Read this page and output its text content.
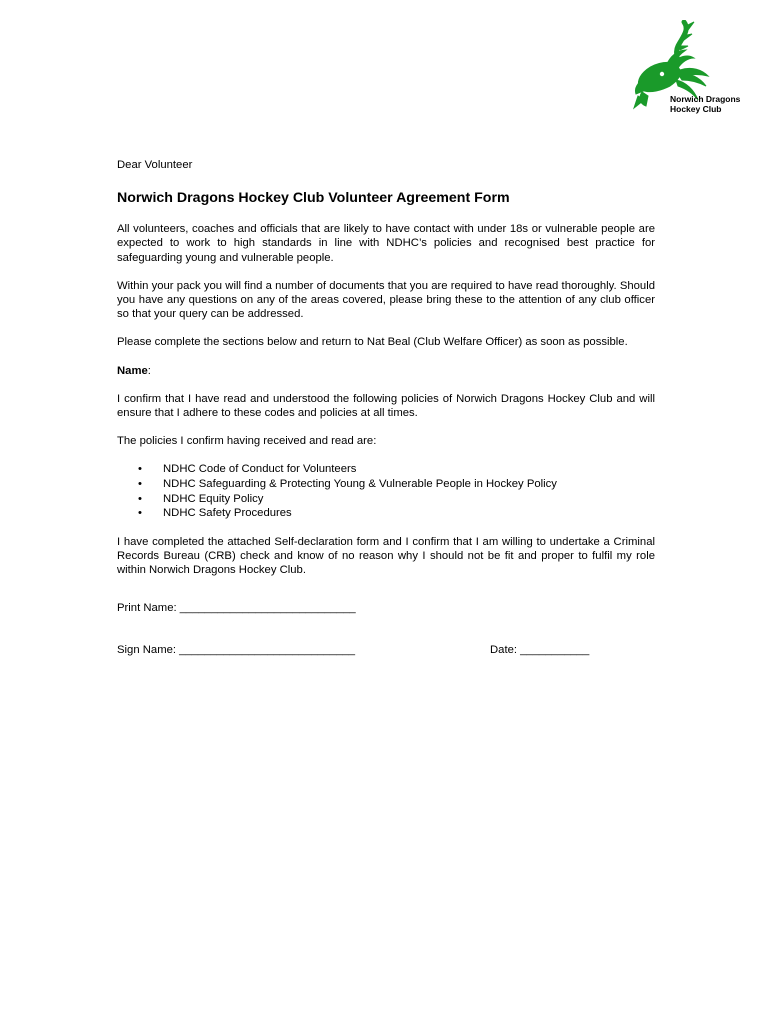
Norwich Dragons
Hockey Club

Dear Volunteer

Norwich Dragons Hockey Club Volunteer Agreement Form

All volunteers, coaches and officials that are likely to have contact with under 18s or vulnerable people are expected to work to high standards in line with NDHC’s policies and recognised best practice for safeguarding young and vulnerable people.

Within your pack you will find a number of documents that you are required to have read thoroughly. Should you have any questions on any of the areas covered, please bring these to the attention of any club officer so that your query can be addressed.

Please complete the sections below and return to Nat Beal (Club Welfare Officer) as soon as possible.

Name:

I confirm that I have read and understood the following policies of Norwich Dragons Hockey Club and will ensure that I adhere to these codes and policies at all times.

The policies I confirm having received and read are:

• NDHC Code of Conduct for Volunteers
• NDHC Safeguarding & Protecting Young & Vulnerable People in Hockey Policy
• NDHC Equity Policy
• NDHC Safety Procedures

I have completed the attached Self-declaration form and I confirm that I am willing to undertake a Criminal Records Bureau (CRB) check and know of no reason why I should not be fit and proper to fulfil my role within Norwich Dragons Hockey Club.

Print Name: ____________________________
Sign Name: ____________________________	Date: ___________
